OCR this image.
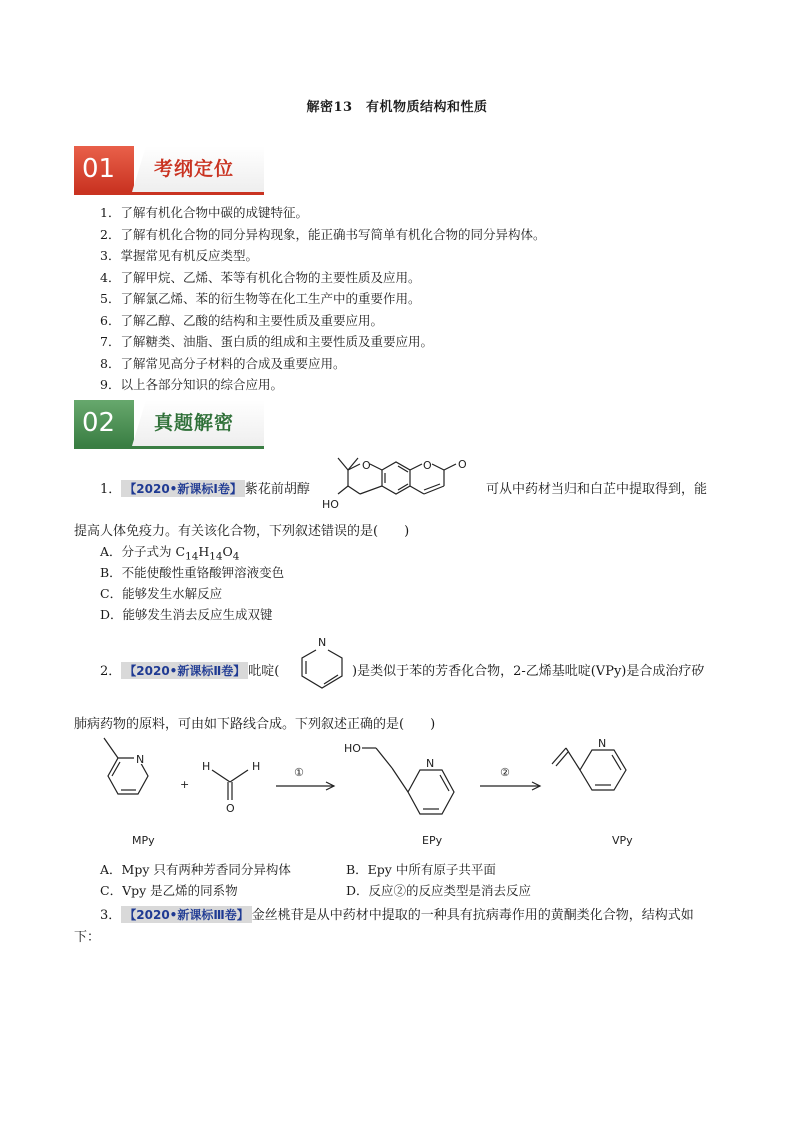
解密13　有机物质结构和性质
01	考纲定位
1．了解有机化合物中碳的成键特征。
2．了解有机化合物的同分异构现象，能正确书写简单有机化合物的同分异构体。
3．掌握常见有机反应类型。
4．了解甲烷、乙烯、苯等有机化合物的主要性质及应用。
5．了解氯乙烯、苯的衍生物等在化工生产中的重要作用。
6．了解乙醇、乙酸的结构和主要性质及重要应用。
7．了解糖类、油脂、蛋白质的组成和主要性质及重要应用。
8．了解常见高分子材料的合成及重要应用。
9．以上各部分知识的综合应用。
02	真题解密
1． 【2020•新课标Ⅰ卷】 紫花前胡醇
O
HO
O O
可从中药材当归和白芷中提取得到，能
提高人体免疫力。有关该化合物，下列叙述错误的是(　　)
A．分子式为 $C_{14}H_{14}O_4$
B．不能使酸性重铬酸钾溶液变色
C．能够发生水解反应
D．能够发生消去反应生成双键
2． 【2020•新课标Ⅱ卷】 吡啶(
N
)是类似于苯的芳香化合物，2-乙烯基吡啶(VPy)是合成治疗矽
肺病药物的原料，可由如下路线合成。下列叙述正确的是(　　)
N
+
H	H
O
①
HO
N
②
N
MPy	EPy	VPy
A．Mpy 只有两种芳香同分异构体	B．Epy 中所有原子共平面
C．Vpy 是乙烯的同系物	D．反应②的反应类型是消去反应
3． 【2020•新课标Ⅲ卷】 金丝桃苷是从中药材中提取的一种具有抗病毒作用的黄酮类化合物，结构式如
下：
